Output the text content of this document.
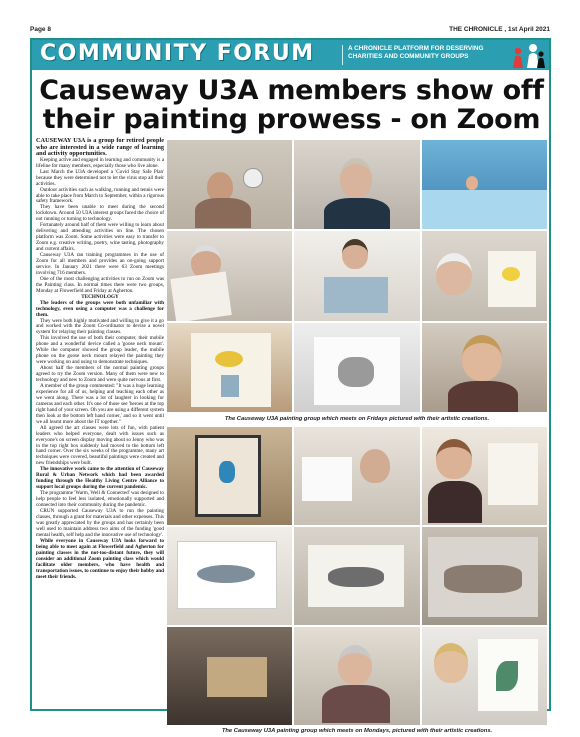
Page 8	THE CHRONICLE , 1st April 2021
COMMUNITY FORUM	A CHRONICLE PLATFORM FOR DESERVING CHARITIES AND COMMUNITY GROUPS
Causeway U3A members show off their painting prowess - on Zoom

CAUSEWAY U3A is a group for retired people who are interested in a wide range of learning and activity opportunities.

Keeping active and engaged in learning and community is a lifeline for many members, especially those who live alone.

Last March the U3A developed a 'Covid Stay Safe Plan' because they were determined not to let the virus stop all their activities.

Outdoor activities such as walking, running and tennis were able to take place from March to September, within a rigorous safety framework.

They have been unable to meet during the second lockdown. Around 50 U3A interest groups faced the choice of not running or turning to technology.

Fortunately around half of them were willing to learn about delivering and attending activities on line. The chosen platform was Zoom. Some activities were easy to transfer to Zoom e.g. creative writing, poetry, wine tasting, photography and current affairs.

Causeway U3A ran training programmes in the use of Zoom for all members and provides an on-going support service. In January 2021 there were 63 Zoom meetings involving 716 members.

One of the most challenging activities to run on Zoom was the Painting class. In normal times there were two groups, Monday at Flowerfield and Friday at Agherton.

TECHNOLOGY

The leaders of the groups were both unfamiliar with technology, even using a computer was a challenge for them.

They were both highly motivated and willing to give it a go and worked with the Zoom Co-ordinator to devise a novel system for relaying their painting classes.

This involved the use of both their computer, their mobile phone and a wonderful device called a 'goose neck mount'. While the computer showed the group leader, the mobile phone on the goose neck mount relayed the painting they were working on and using to demonstrate techniques.

About half the members of the normal painting groups agreed to try the Zoom version. Many of them were new to technology and new to Zoom and were quite nervous at first.

A member of the group commented: "It was a huge learning experience for all of us, helping and teaching each other as we went along. There was a lot of laughter in looking for cameras and each other. It's one of those see 'heroes at the top right hand of your screen. Oh you are using a different system then look at the bottom left hand corner,' and so it went until we all learnt more about the IT together."

All agreed the art classes were lots of fun, with patient leaders who helped everyone, dealt with issues such as everyone's on screen display moving about so Jenny who was in the top right box suddenly had moved to the bottom left hand corner. Over the six weeks of the programme, many art techniques were covered, beautiful paintings were created and new friendships were built.

The innovative work came to the attention of Causeway Rural & Urban Network which had been awarded funding through the Healthy Living Centre Alliance to support local groups during the current pandemic.

The programme 'Warm, Well & Connected' was designed to help people to feel less isolated, emotionally supported and connected into their community during the pandemic.

CRUN supported Causeway U3A to run the painting classes, through a grant for materials and other expenses. This was greatly appreciated by the groups and has certainly been well used to maintain address two aims of the funding 'good mental health, self help and the innovative use of technology'.

While everyone in Causeway U3A looks forward to being able to meet again at Flowerfield and Agherton for painting classes in the not-too-distant future, they will consider an additional Zoom painting class which would facilitate older members, who have health and transportation issues, to continue to enjoy their hobby and meet their friends.

The Causeway U3A painting group which meets on Fridays pictured with their artistic creations.
The Causeway U3A painting group which meets on Mondays, pictured with their artistic creations.
